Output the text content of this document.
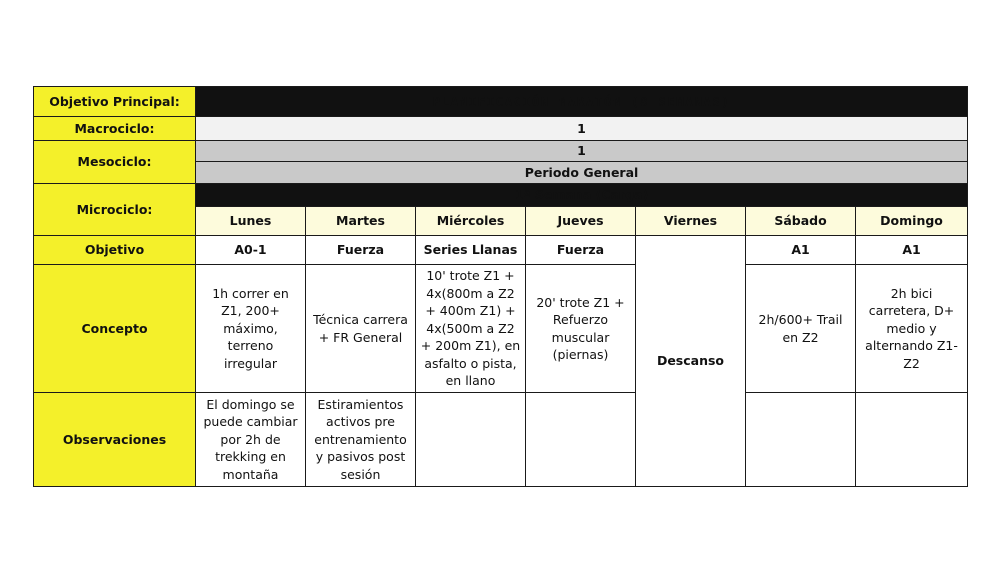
Objetivo Principal:	PLANIFICACIÓN MARATÓN (8 SEMANAS)						
Macrociclo:	1						
Mesociclo:	1						
	Periodo General						
Microciclo:	1ª Semana (Carga)						
	Lunes	Martes	Miércoles	Jueves	Viernes	Sábado	Domingo
Objetivo	A0-1	Fuerza	Series Llanas	Fuerza	Descanso	A1	A1
Concepto	1h correr en Z1, 200+ máximo, terreno irregular	Técnica carrera + FR General	10' trote Z1 + 4x(800m a Z2 + 400m Z1) + 4x(500m a Z2 + 200m Z1), en asfalto o pista, en llano	20' trote Z1 + Refuerzo muscular (piernas)		2h/600+ Trail en Z2	2h bici carretera, D+ medio y alternando Z1-Z2
Observaciones	El domingo se puede cambiar por 2h de trekking en montaña	Estiramientos activos pre entrenamiento y pasivos post sesión					
